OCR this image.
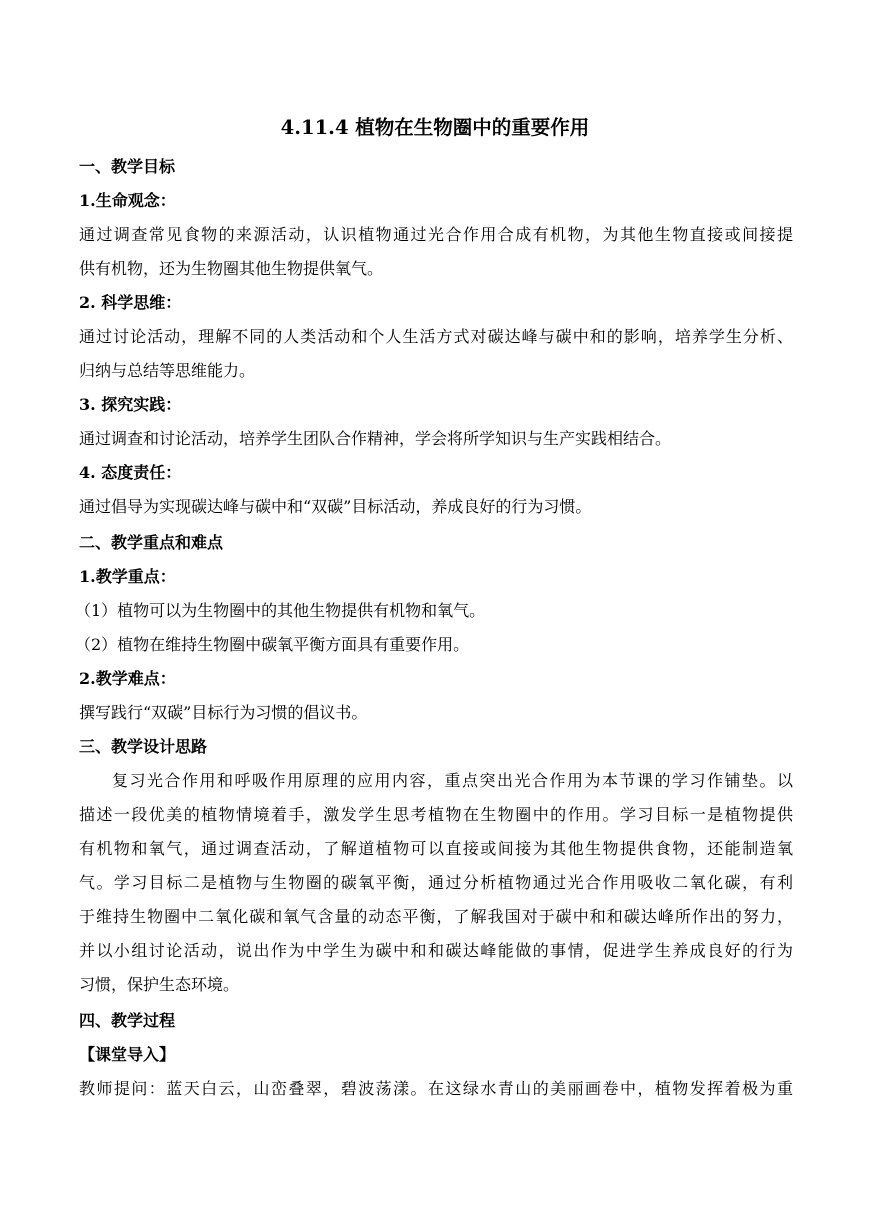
4.11.4 植物在生物圈中的重要作用
一、教学目标
1.生命观念：
通过调查常见食物的来源活动，认识植物通过光合作用合成有机物，为其他生物直接或间接提
供有机物，还为生物圈其他生物提供氧气。
2. 科学思维：
通过讨论活动，理解不同的人类活动和个人生活方式对碳达峰与碳中和的影响，培养学生分析、
归纳与总结等思维能力。
3. 探究实践：
通过调查和讨论活动，培养学生团队合作精神，学会将所学知识与生产实践相结合。
4. 态度责任：
通过倡导为实现碳达峰与碳中和“双碳”目标活动，养成良好的行为习惯。
二、教学重点和难点
1.教学重点：
（1）植物可以为生物圈中的其他生物提供有机物和氧气。
（2）植物在维持生物圈中碳氧平衡方面具有重要作用。
2.教学难点：
撰写践行“双碳”目标行为习惯的倡议书。
三、教学设计思路
复习光合作用和呼吸作用原理的应用内容，重点突出光合作用为本节课的学习作铺垫。以
描述一段优美的植物情境着手，激发学生思考植物在生物圈中的作用。学习目标一是植物提供
有机物和氧气，通过调查活动，了解道植物可以直接或间接为其他生物提供食物，还能制造氧
气。学习目标二是植物与生物圈的碳氧平衡，通过分析植物通过光合作用吸收二氧化碳，有利
于维持生物圈中二氧化碳和氧气含量的动态平衡，了解我国对于碳中和和碳达峰所作出的努力，
并以小组讨论活动，说出作为中学生为碳中和和碳达峰能做的事情，促进学生养成良好的行为
习惯，保护生态环境。
四、教学过程
【课堂导入】
教师提问：蓝天白云，山峦叠翠，碧波荡漾。在这绿水青山的美丽画卷中，植物发挥着极为重
